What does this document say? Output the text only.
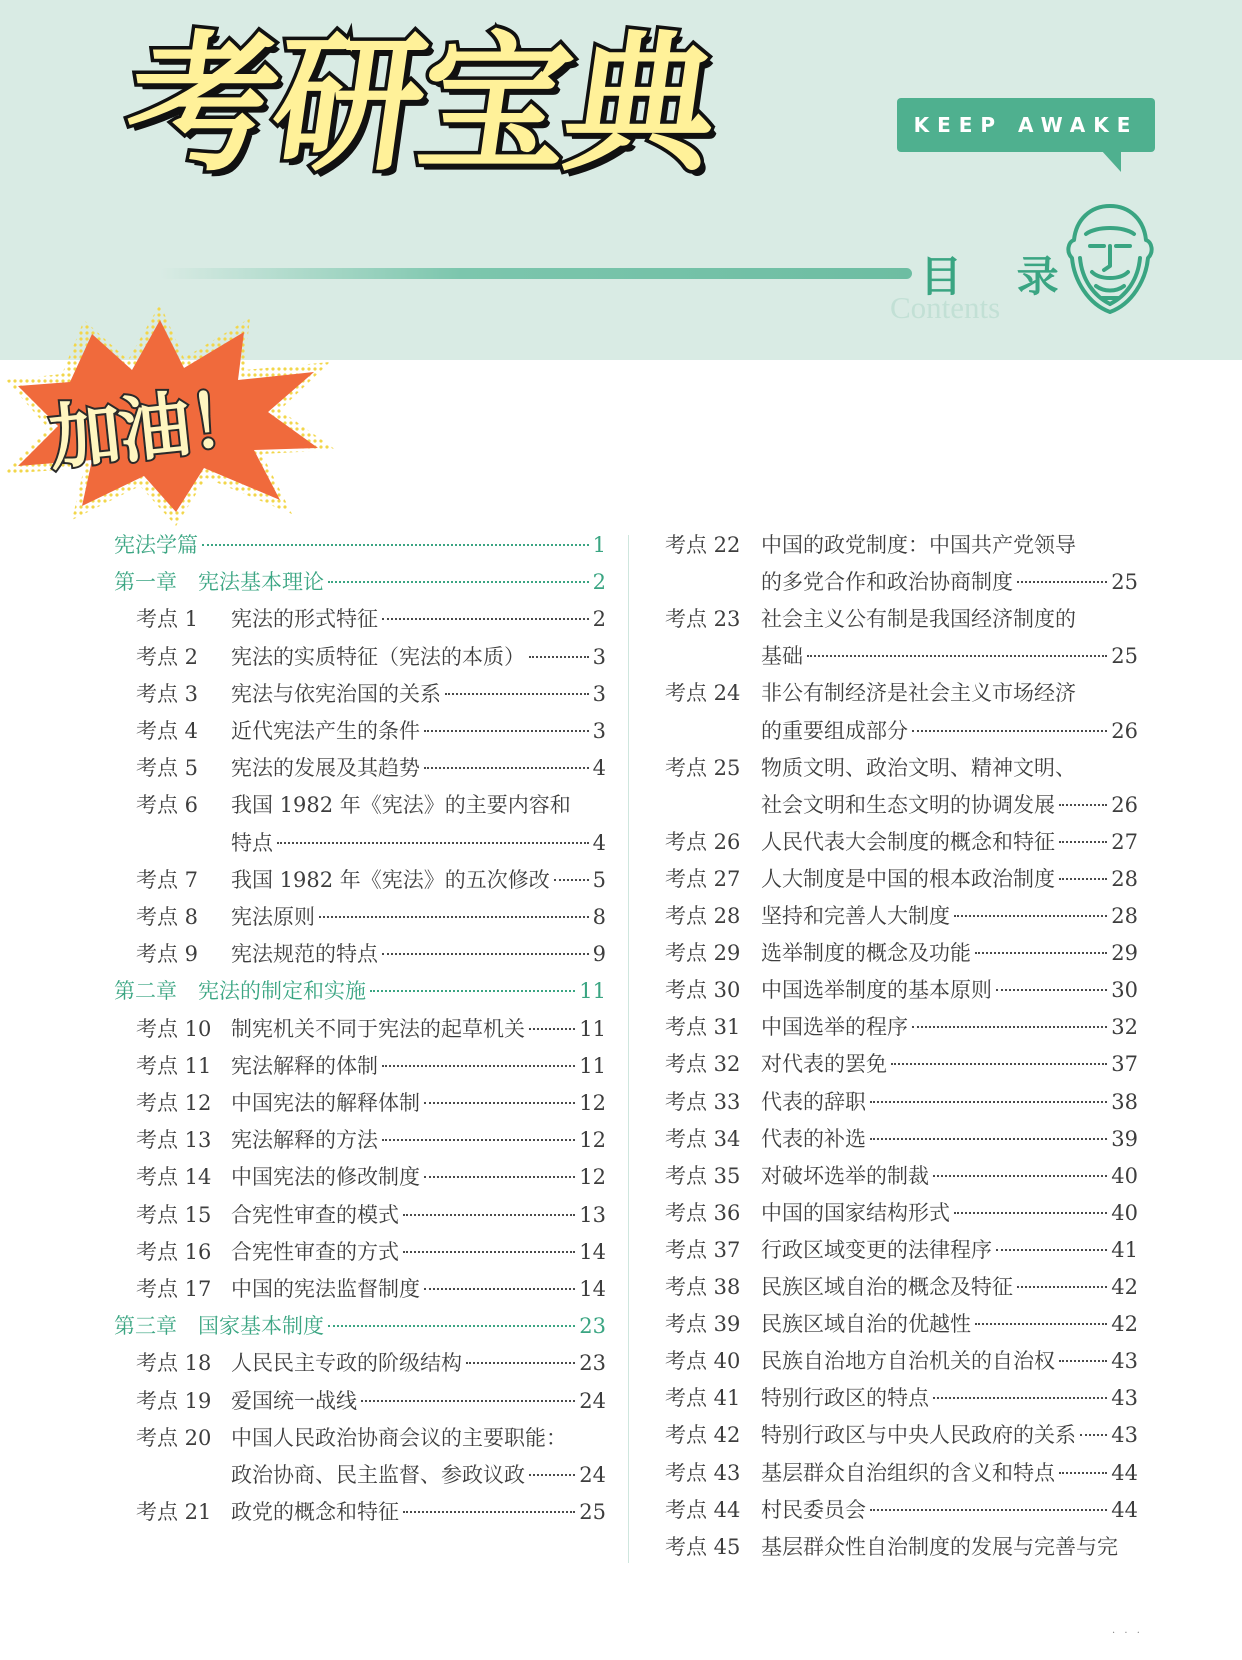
考研宝典	KEEP AWAKE
目 录
Contents
加油！
宪法学篇	1
第一章　宪法基本理论	2
考点 1	宪法的形式特征	2
考点 2	宪法的实质特征（宪法的本质）	3
考点 3	宪法与依宪治国的关系	3
考点 4	近代宪法产生的条件	3
考点 5	宪法的发展及其趋势	4
考点 6	我国 1982 年《宪法》的主要内容和
特点	4
考点 7	我国 1982 年《宪法》的五次修改 5
考点 8	宪法原则	8
考点 9	宪法规范的特点	9
第二章　宪法的制定和实施	11
考点 10 制宪机关不同于宪法的起草机关	11
考点 11 宪法解释的体制	11
考点 12 中国宪法的解释体制	12
考点 13 宪法解释的方法	12
考点 14 中国宪法的修改制度	12
考点 15 合宪性审查的模式	13
考点 16 合宪性审查的方式	14
考点 17 中国的宪法监督制度	14
第三章　国家基本制度	23
考点 18 人民民主专政的阶级结构	23
考点 19 爱国统一战线	24
考点 20 中国人民政治协商会议的主要职能：
政治协商、民主监督、参政议政	24
考点 21 政党的概念和特征	25
考点 22 中国的政党制度：中国共产党领导
的多党合作和政治协商制度	25
考点 23 社会主义公有制是我国经济制度的
基础	25
考点 24 非公有制经济是社会主义市场经济
的重要组成部分	26
考点 25 物质文明、政治文明、精神文明、
社会文明和生态文明的协调发展	26
考点 26 人民代表大会制度的概念和特征	27
考点 27 人大制度是中国的根本政治制度	28
考点 28 坚持和完善人大制度	28
考点 29 选举制度的概念及功能	29
考点 30 中国选举制度的基本原则	30
考点 31 中国选举的程序	32
考点 32 对代表的罢免	37
考点 33 代表的辞职	38
考点 34 代表的补选	39
考点 35 对破坏选举的制裁	40
考点 36 中国的国家结构形式	40
考点 37 行政区域变更的法律程序	41
考点 38 民族区域自治的概念及特征	42
考点 39 民族区域自治的优越性	42
考点 40 民族自治地方自治机关的自治权	43
考点 41 特别行政区的特点	43
考点 42 特别行政区与中央人民政府的关系 43
考点 43 基层群众自治组织的含义和特点	44
考点 44 村民委员会	44
考点 45 基层群众性自治制度的发展与完善与完
· · ·
